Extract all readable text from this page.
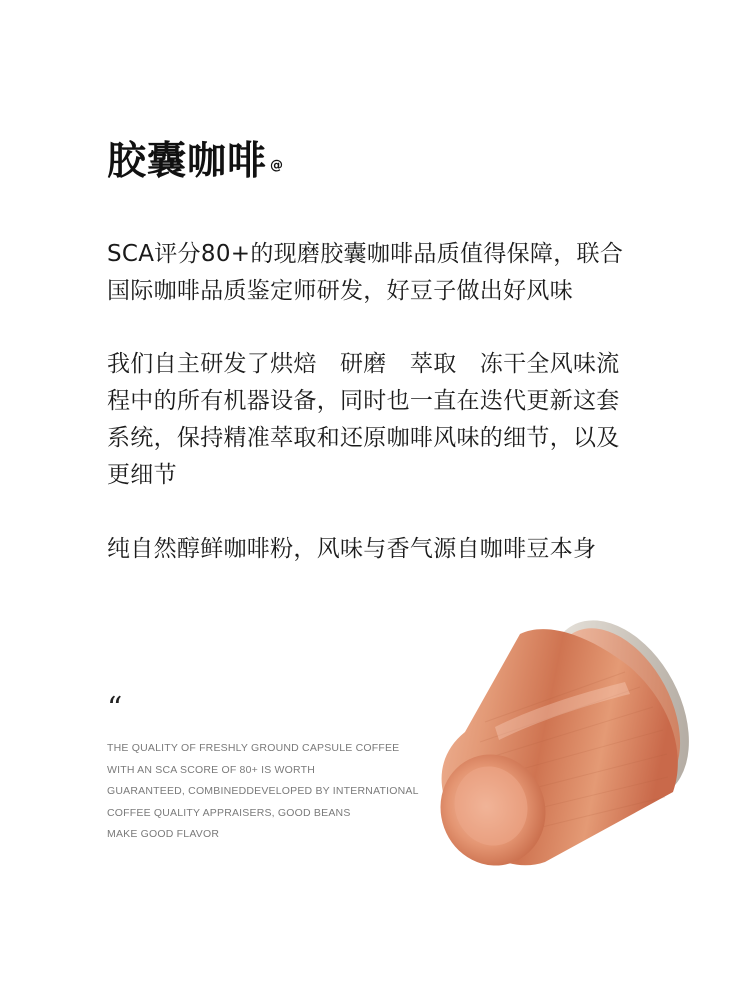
胶囊咖啡 @
SCA评分80+的现磨胶囊咖啡品质值得保障，联合
国际咖啡品质鉴定师研发，好豆子做出好风味
我们自主研发了烘焙　研磨　萃取　冻干全风味流
程中的所有机器设备，同时也一直在迭代更新这套
系统，保持精准萃取和还原咖啡风味的细节，以及
更细节
纯自然醇鲜咖啡粉，风味与香气源自咖啡豆本身
“
THE QUALITY OF FRESHLY GROUND CAPSULE COFFEE
WITH AN SCA SCORE OF 80+ IS WORTH
GUARANTEED, COMBINEDDEVELOPED BY INTERNATIONAL
COFFEE QUALITY APPRAISERS, GOOD BEANS
MAKE GOOD FLAVOR
